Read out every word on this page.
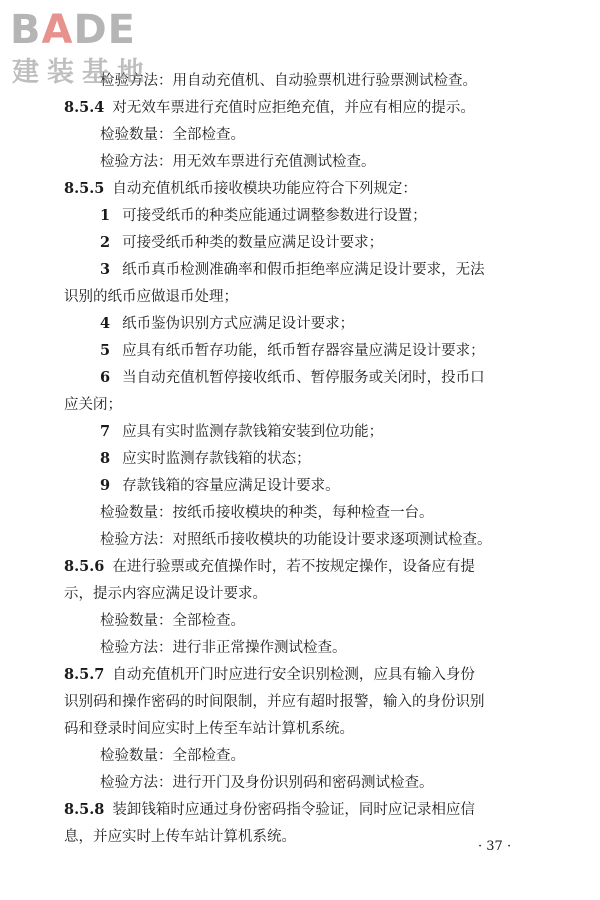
检验方法：用自动充值机、自动验票机进行验票测试检查。
8.5.4 对无效车票进行充值时应拒绝充值，并应有相应的提示。
检验数量：全部检查。
检验方法：用无效车票进行充值测试检查。
8.5.5 自动充值机纸币接收模块功能应符合下列规定：
1 可接受纸币的种类应能通过调整参数进行设置；
2 可接受纸币种类的数量应满足设计要求；
3 纸币真币检测准确率和假币拒绝率应满足设计要求，无法
识别的纸币应做退币处理；
4 纸币鉴伪识别方式应满足设计要求；
5 应具有纸币暂存功能，纸币暂存器容量应满足设计要求；
6 当自动充值机暂停接收纸币、暂停服务或关闭时，投币口
应关闭；
7 应具有实时监测存款钱箱安装到位功能；
8 应实时监测存款钱箱的状态；
9 存款钱箱的容量应满足设计要求。
检验数量：按纸币接收模块的种类，每种检查一台。
检验方法：对照纸币接收模块的功能设计要求逐项测试检查。
8.5.6 在进行验票或充值操作时，若不按规定操作，设备应有提
示，提示内容应满足设计要求。
检验数量：全部检查。
检验方法：进行非正常操作测试检查。
8.5.7 自动充值机开门时应进行安全识别检测，应具有输入身份
识别码和操作密码的时间限制，并应有超时报警，输入的身份识别
码和登录时间应实时上传至车站计算机系统。
检验数量：全部检查。
检验方法：进行开门及身份识别码和密码测试检查。
8.5.8 装卸钱箱时应通过身份密码指令验证，同时应记录相应信
息，并应实时上传车站计算机系统。
· 37 ·
BADE
建装基地
